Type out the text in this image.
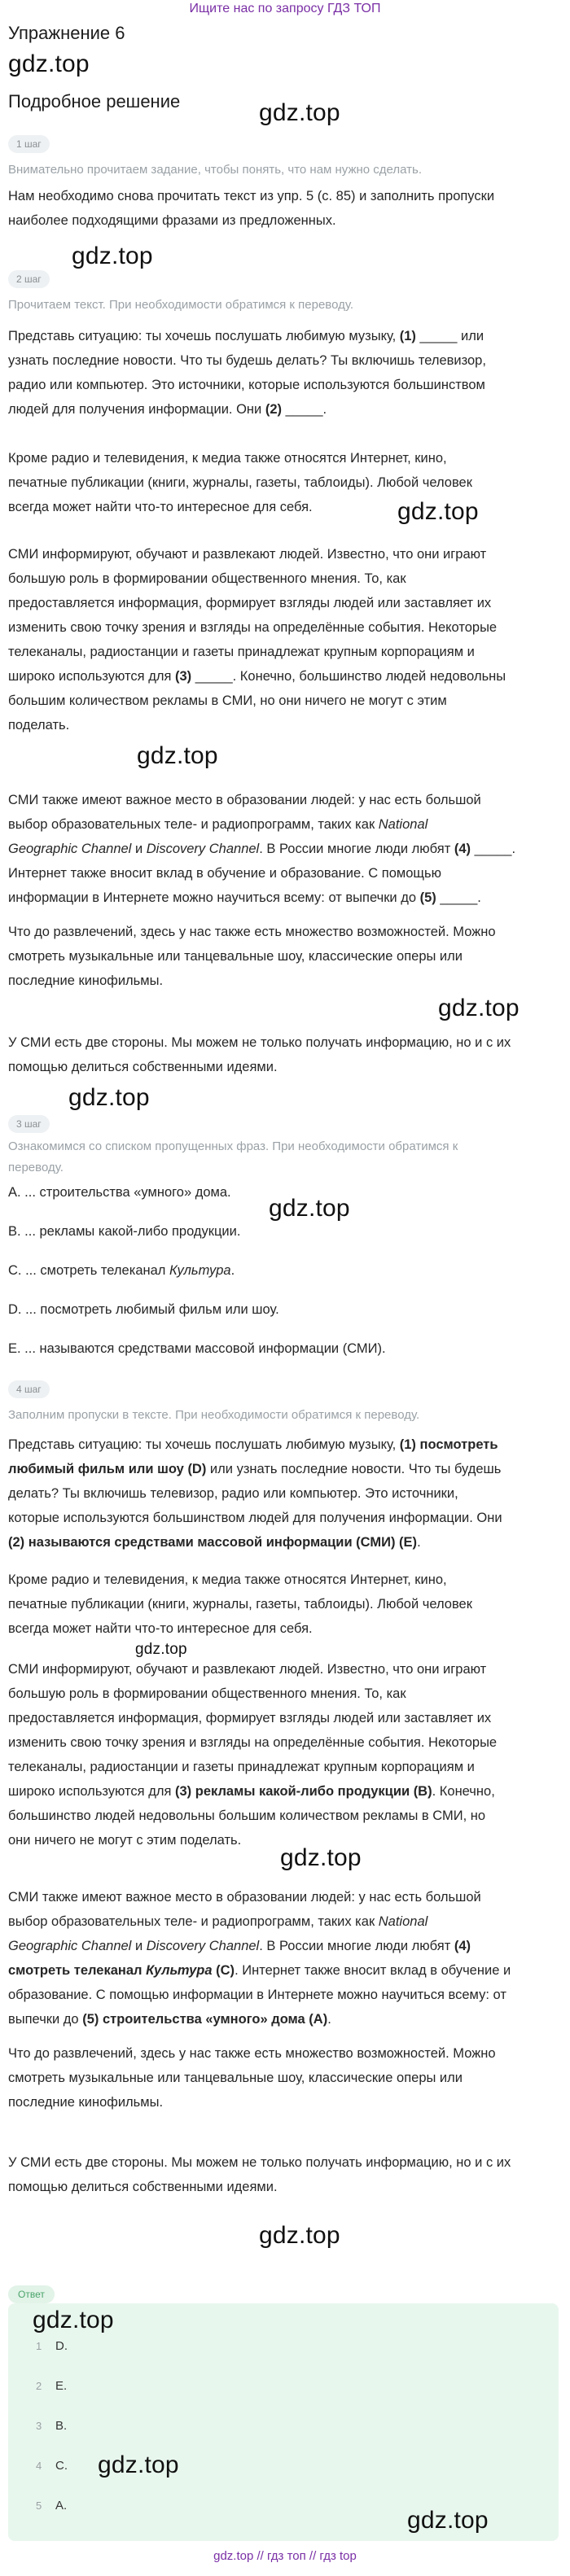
Ищите нас по запросу ГДЗ ТОП
Упражнение 6
gdz.top
Подробное решение	gdz.top
1 шаг
Внимательно прочитаем задание, чтобы понять, что нам нужно сделать.
Нам необходимо снова прочитать текст из упр. 5 (с. 85) и заполнить пропуски
наиболее подходящими фразами из предложенных.
gdz.top
2 шаг
Прочитаем текст. При необходимости обратимся к переводу.
Представь ситуацию: ты хочешь послушать любимую музыку, (1) _____ или
узнать последние новости. Что ты будешь делать? Ты включишь телевизор,
радио или компьютер. Это источники, которые используются большинством
людей для получения информации. Они (2) _____.
Кроме радио и телевидения, к медиа также относятся Интернет, кино,
печатные публикации (книги, журналы, газеты, таблоиды). Любой человек
всегда может найти что-то интересное для себя.	gdz.top
СМИ информируют, обучают и развлекают людей. Известно, что они играют
большую роль в формировании общественного мнения. То, как
предоставляется информация, формирует взгляды людей или заставляет их
изменить свою точку зрения и взгляды на определённые события. Некоторые
телеканалы, радиостанции и газеты принадлежат крупным корпорациям и
широко используются для (3) _____. Конечно, большинство людей недовольны
большим количеством рекламы в СМИ, но они ничего не могут с этим
поделать.
gdz.top
СМИ также имеют важное место в образовании людей: у нас есть большой
выбор образовательных теле- и радиопрограмм, таких как National
Geographic Channel и Discovery Channel. В России многие люди любят (4) _____.
Интернет также вносит вклад в обучение и образование. С помощью
информации в Интернете можно научиться всему: от выпечки до (5) _____.
Что до развлечений, здесь у нас также есть множество возможностей. Можно
смотреть музыкальные или танцевальные шоу, классические оперы или
последние кинофильмы.
gdz.top
У СМИ есть две стороны. Мы можем не только получать информацию, но и с их
помощью делиться собственными идеями.
gdz.top
3 шаг
Ознакомимся со списком пропущенных фраз. При необходимости обратимся к
переводу.
A. ... строительства «умного» дома.
gdz.top
B. ... рекламы какой-либо продукции.
C. ... смотреть телеканал Культура.
D. ... посмотреть любимый фильм или шоу.
E. ... называются средствами массовой информации (СМИ).
4 шаг
Заполним пропуски в тексте. При необходимости обратимся к переводу.
Представь ситуацию: ты хочешь послушать любимую музыку, (1) посмотреть
любимый фильм или шоу (D) или узнать последние новости. Что ты будешь
делать? Ты включишь телевизор, радио или компьютер. Это источники,
которые используются большинством людей для получения информации. Они
(2) называются средствами массовой информации (СМИ) (E).
Кроме радио и телевидения, к медиа также относятся Интернет, кино,
печатные публикации (книги, журналы, газеты, таблоиды). Любой человек
всегда может найти что-то интересное для себя.
gdz.top
СМИ информируют, обучают и развлекают людей. Известно, что они играют
большую роль в формировании общественного мнения. То, как
предоставляется информация, формирует взгляды людей или заставляет их
изменить свою точку зрения и взгляды на определённые события. Некоторые
телеканалы, радиостанции и газеты принадлежат крупным корпорациям и
широко используются для (3) рекламы какой-либо продукции (B). Конечно,
большинство людей недовольны большим количеством рекламы в СМИ, но
они ничего не могут с этим поделать.
gdz.top
СМИ также имеют важное место в образовании людей: у нас есть большой
выбор образовательных теле- и радиопрограмм, таких как National
Geographic Channel и Discovery Channel. В России многие люди любят (4)
смотреть телеканал Культура (C). Интернет также вносит вклад в обучение и
образование. С помощью информации в Интернете можно научиться всему: от
выпечки до (5) строительства «умного» дома (A).
Что до развлечений, здесь у нас также есть множество возможностей. Можно
смотреть музыкальные или танцевальные шоу, классические оперы или
последние кинофильмы.
У СМИ есть две стороны. Мы можем не только получать информацию, но и с их
помощью делиться собственными идеями.
gdz.top
Ответ
gdz.top
1 D.
2 E.
3 B.
4 C.
5 A.
gdz.top
gdz.top
gdz.top // гдз топ // гдз top
